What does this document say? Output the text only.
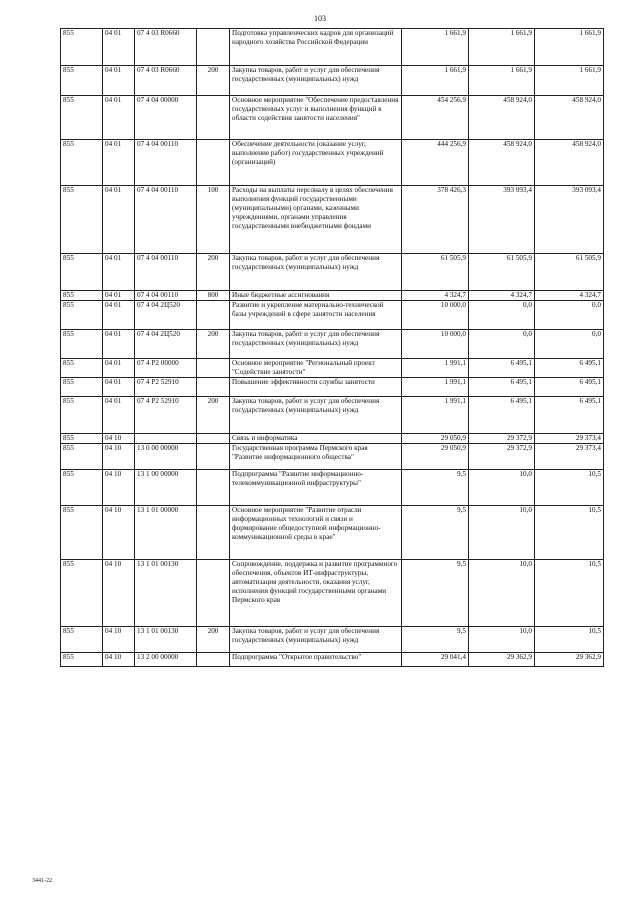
103
855	04 01	07 4 03 R0660		Подготовка управленческих кадров для организаций народного хозяйства Российской Федерации	1 661,9	1 661,9	1 661,9
855	04 01	07 4 03 R0660	200	Закупка товаров, работ и услуг для обеспечения государственных (муниципальных) нужд	1 661,9	1 661,9	1 661,9
855	04 01	07 4 04 00000		Основное мероприятие "Обеспечение предоставления государственных услуг и выполнения функций в области содействия занятости населения"	454 256,9	458 924,0	458 924,0
855	04 01	07 4 04 00110		Обеспечение деятельности (оказание услуг, выполнение работ) государственных учреждений (организаций)	444 256,9	458 924,0	458 924,0
855	04 01	07 4 04 00110	100	Расходы на выплаты персоналу в целях обеспечения выполнения функций государственными (муниципальными) органами, казенными учреждениями, органами управления государственными внебюджетными фондами	378 426,3	393 093,4	393 093,4
855	04 01	07 4 04 00110	200	Закупка товаров, работ и услуг для обеспечения государственных (муниципальных) нужд	61 505,9	61 505,9	61 505,9
855	04 01	07 4 04 00110	800	Иные бюджетные ассигнования	4 324,7	4 324,7	4 324,7
855	04 01	07 4 04 2Ц520		Развитие и укрепление материально-технической базы учреждений в сфере занятости населения	10 000,0	0,0	0,0
855	04 01	07 4 04 2Ц520	200	Закупка товаров, работ и услуг для обеспечения государственных (муниципальных) нужд	10 000,0	0,0	0,0
855	04 01	07 4 P2 00000		Основное мероприятие "Региональный проект "Содействие занятости"	1 991,1	6 495,1	6 495,1
855	04 01	07 4 P2 52910		Повышение эффективности службы занятости	1 991,1	6 495,1	6 495,1
855	04 01	07 4 P2 52910	200	Закупка товаров, работ и услуг для обеспечения государственных (муниципальных) нужд	1 991,1	6 495,1	6 495,1
855	04 10			Связь и информатика	29 050,9	29 372,9	29 373,4
855	04 10	13 0 00 00000		Государственная программа Пермского края "Развитие информационного общества"	29 050,9	29 372,9	29 373,4
855	04 10	13 1 00 00000		Подпрограмма "Развитие информационно-телекоммуникационной инфраструктуры"	9,5	10,0	10,5
855	04 10	13 1 01 00000		Основное мероприятие "Развитие отрасли информационных технологий и связи и формирование общедоступной информационно-коммуникационной среды в крае"	9,5	10,0	10,5
855	04 10	13 1 01 00130		Сопровождение, поддержка и развитие программного обеспечения, объектов ИТ-инфраструктуры, автоматизация деятельности, оказания услуг, исполнения функций государственными органами Пермского края	9,5	10,0	10,5
855	04 10	13 1 01 00130	200	Закупка товаров, работ и услуг для обеспечения государственных (муниципальных) нужд	9,5	10,0	10,5
855	04 10	13 2 00 00000		Подпрограмма "Открытое правительство"	29 041,4	29 362,9	29 362,9
3441-22
